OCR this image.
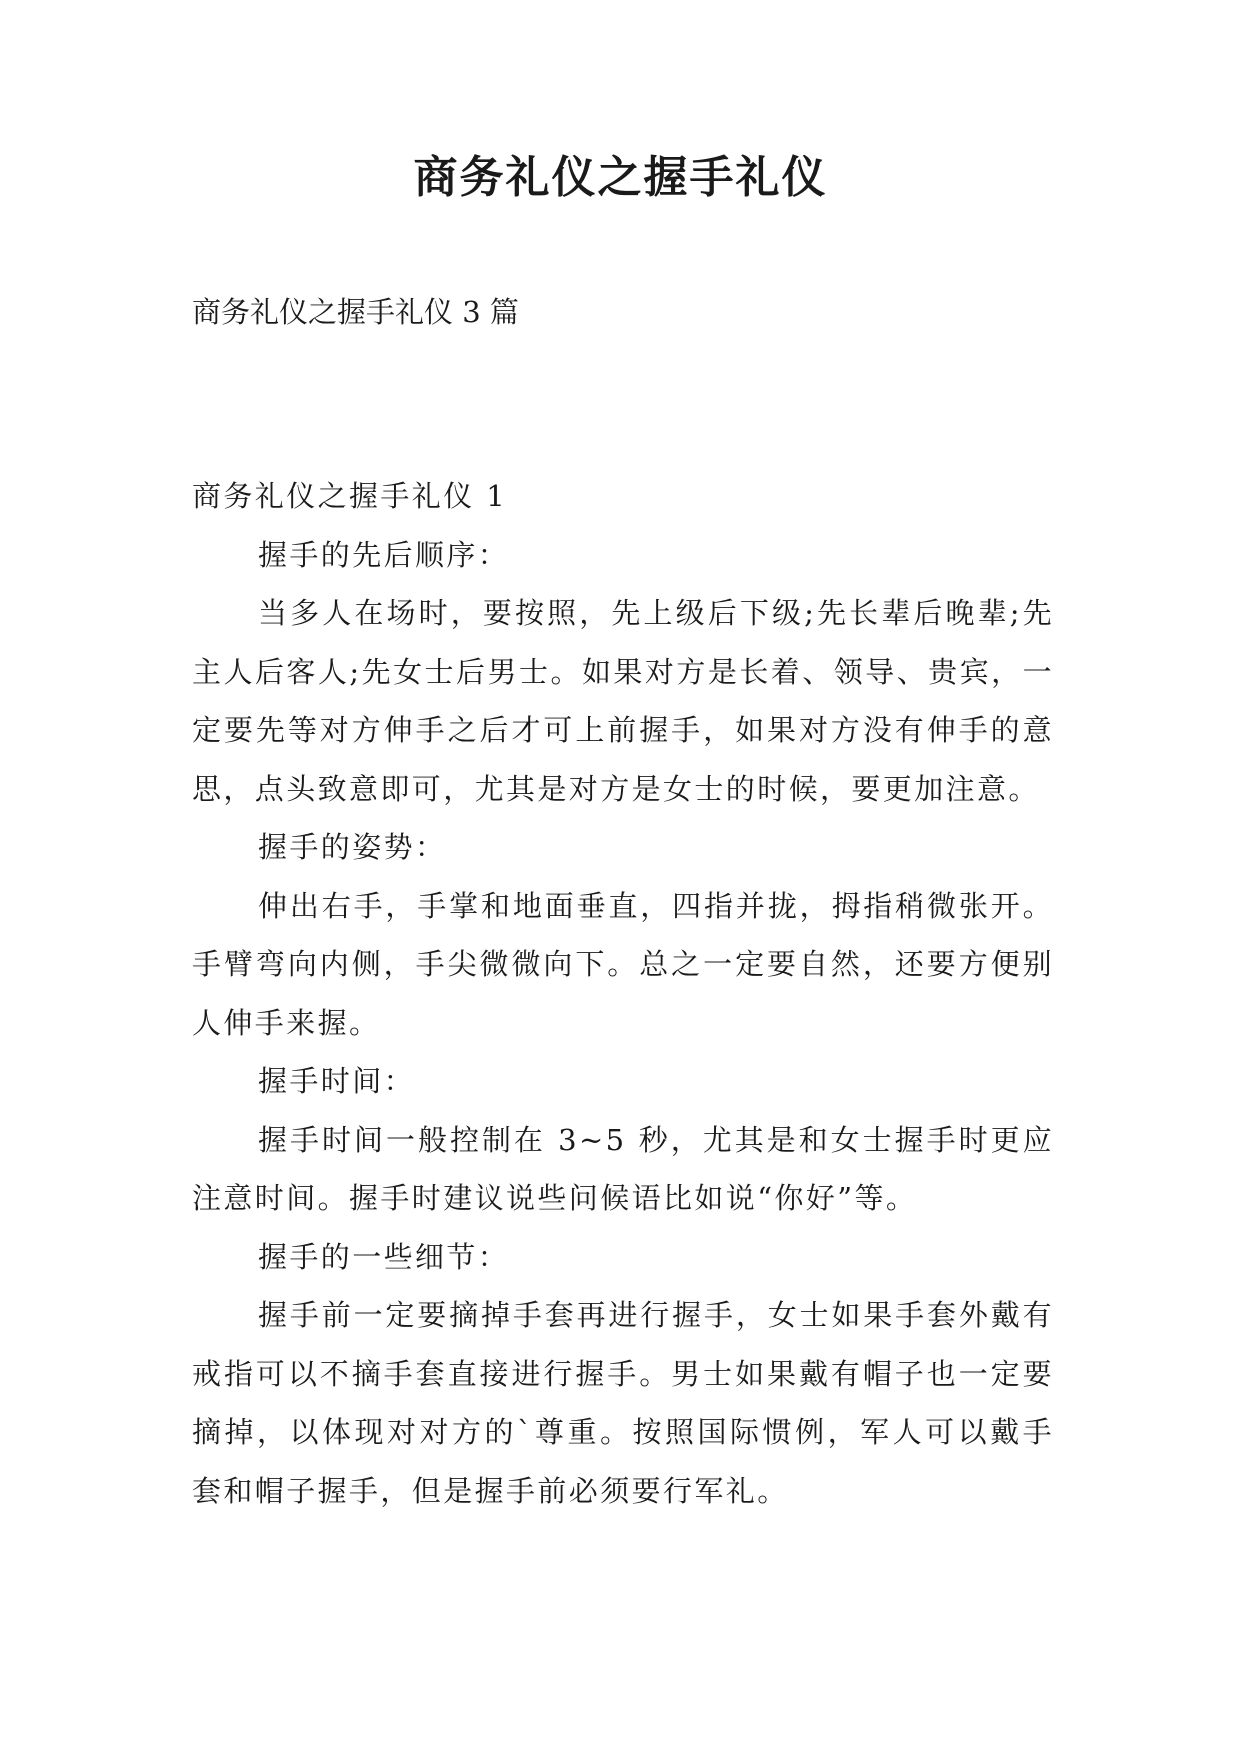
商务礼仪之握手礼仪

商务礼仪之握手礼仪 3 篇

商务礼仪之握手礼仪 1

握手的先后顺序：

当多人在场时，要按照，先上级后下级;先长辈后晚辈;先主人后客人;先女士后男士。如果对方是长着、领导、贵宾，一定要先等对方伸手之后才可上前握手，如果对方没有伸手的意思，点头致意即可，尤其是对方是女士的时候，要更加注意。

握手的姿势：

伸出右手，手掌和地面垂直，四指并拢，拇指稍微张开。手臂弯向内侧，手尖微微向下。总之一定要自然，还要方便别人伸手来握。

握手时间：

握手时间一般控制在 3~5 秒，尤其是和女士握手时更应注意时间。握手时建议说些问候语比如说“你好”等。

握手的一些细节：

握手前一定要摘掉手套再进行握手，女士如果手套外戴有戒指可以不摘手套直接进行握手。男士如果戴有帽子也一定要摘掉，以体现对对方的`尊重。按照国际惯例，军人可以戴手套和帽子握手，但是握手前必须要行军礼。
